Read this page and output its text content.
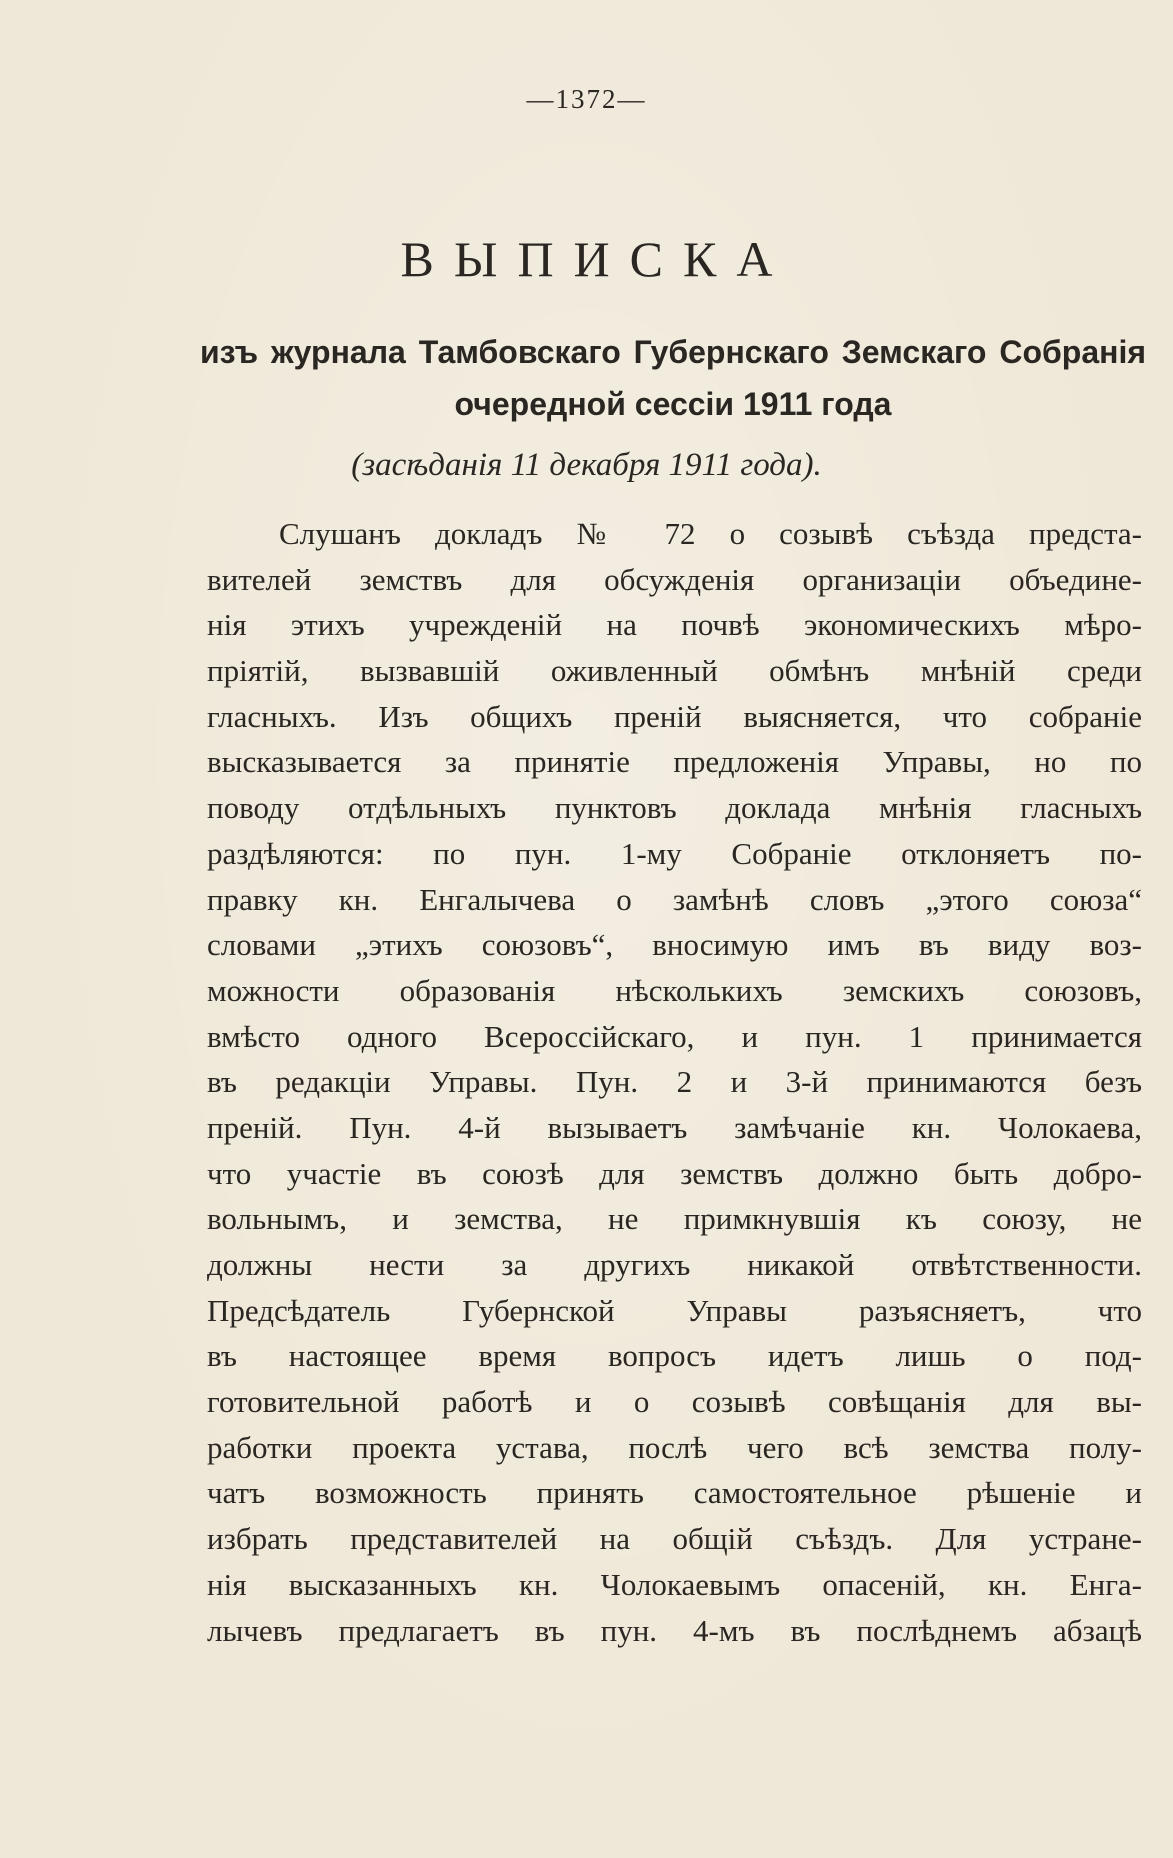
—1372—
ВЫПИСКА
изъ журнала Тамбовскаго Губернскаго Земскаго Собранія очередной сессіи 1911 года
(засѣданія 11 декабря 1911 года).
Слушанъ докладъ № 72 о созывѣ съѣзда предста-
вителей земствъ для обсужденія организаціи объедине-
нія этихъ учрежденій на почвѣ экономическихъ мѣро-
пріятій, вызвавшій оживленный обмѣнъ мнѣній среди
гласныхъ. Изъ общихъ преній выясняется, что собраніе
высказывается за принятіе предложенія Управы, но по
поводу отдѣльныхъ пунктовъ доклада мнѣнія гласныхъ
раздѣляются: по пун. 1-му Собраніе отклоняетъ по-
правку кн. Енгалычева о замѣнѣ словъ „этого союза“
словами „этихъ союзовъ“, вносимую имъ въ виду воз-
можности образованія нѣсколькихъ земскихъ союзовъ,
вмѣсто одного Всероссійскаго, и пун. 1 принимается
въ редакціи Управы. Пун. 2 и 3-й принимаются безъ
преній. Пун. 4-й вызываетъ замѣчаніе кн. Чолокаева,
что участіе въ союзѣ для земствъ должно быть добро-
вольнымъ, и земства, не примкнувшія къ союзу, не
должны нести за другихъ никакой отвѣтственности.
Предсѣдатель Губернской Управы разъясняетъ, что
въ настоящее время вопросъ идетъ лишь о под-
готовительной работѣ и о созывѣ совѣщанія для вы-
работки проекта устава, послѣ чего всѣ земства полу-
чатъ возможность принять самостоятельное рѣшеніе и
избрать представителей на общій съѣздъ. Для устране-
нія высказанныхъ кн. Чолокаевымъ опасеній, кн. Енга-
лычевъ предлагаетъ въ пун. 4-мъ въ послѣднемъ абзацѣ
